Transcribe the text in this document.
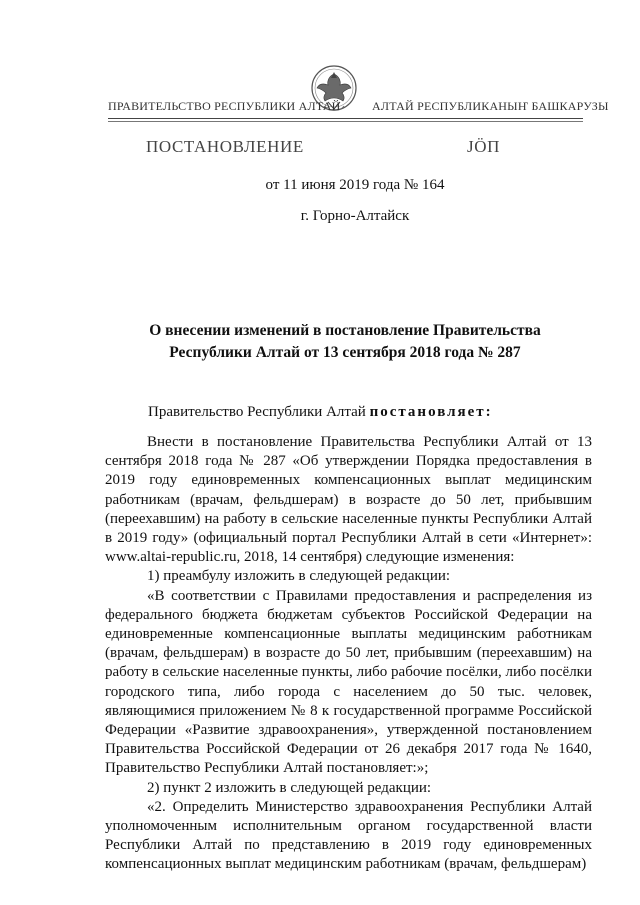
ПРАВИТЕЛЬСТВО РЕСПУБЛИКИ АЛТАЙ	АЛТАЙ РЕСПУБЛИКАНЫҤ БАШКАРУЗЫ
ПОСТАНОВЛЕНИЕ	ЈӦП
от 11 июня 2019 года № 164
г. Горно-Алтайск
О внесении изменений в постановление Правительства
Республики Алтай от 13 сентября 2018 года № 287
Правительство Республики Алтай постановляет:

Внести в постановление Правительства Республики Алтай от 13 сентября 2018 года № 287 «Об утверждении Порядка предоставления в 2019 году единовременных компенсационных выплат медицинским работникам (врачам, фельдшерам) в возрасте до 50 лет, прибывшим (переехавшим) на работу в сельские населенные пункты Республики Алтай в 2019 году» (официальный портал Республики Алтай в сети «Интернет»: www.altai-republic.ru, 2018, 14 сентября) следующие изменения:

1) преамбулу изложить в следующей редакции:

«В соответствии с Правилами предоставления и распределения из федерального бюджета бюджетам субъектов Российской Федерации на единовременные компенсационные выплаты медицинским работникам (врачам, фельдшерам) в возрасте до 50 лет, прибывшим (переехавшим) на работу в сельские населенные пункты, либо рабочие посёлки, либо посёлки городского типа, либо города с населением до 50 тыс. человек, являющимися приложением № 8 к государственной программе Российской Федерации «Развитие здравоохранения», утвержденной постановлением Правительства Российской Федерации от 26 декабря 2017 года № 1640, Правительство Республики Алтай постановляет:»;

2) пункт 2 изложить в следующей редакции:

«2. Определить Министерство здравоохранения Республики Алтай уполномоченным исполнительным органом государственной власти Республики Алтай по представлению в 2019 году единовременных компенсационных выплат медицинским работникам (врачам, фельдшерам)
